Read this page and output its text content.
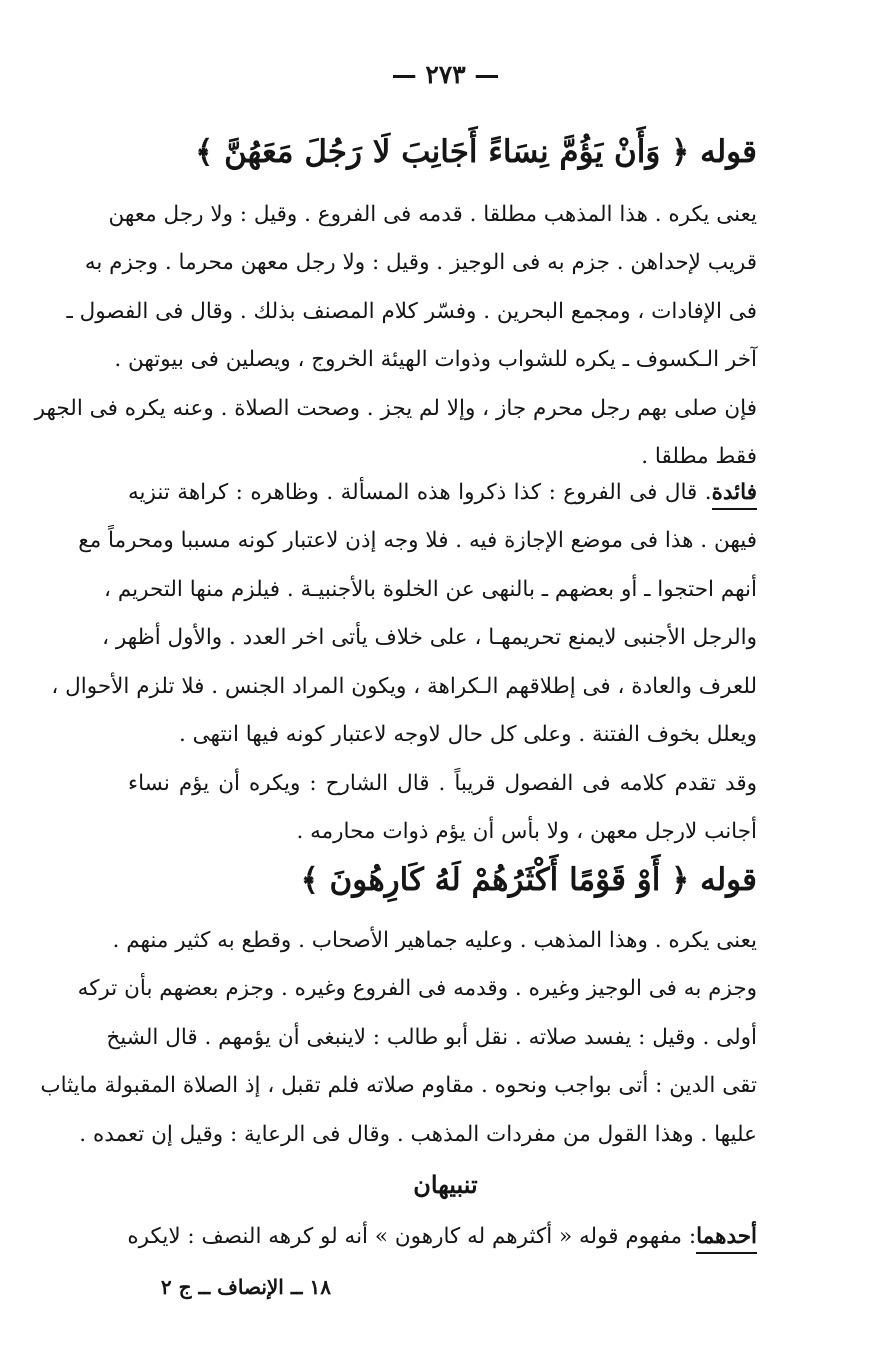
— ٢٧٣ —
قوله ﴿ وَأَنْ يَؤُمَّ نِسَاءً أَجَانِبَ لَا رَجُلَ مَعَهُنَّ ﴾
يعنى يكره . هذا المذهب مطلقا . قدمه فى الفروع . وقيل : ولا رجل معهن
قريب لإحداهن . جزم به فى الوجيز . وقيل : ولا رجل معهن محرما . وجزم به
فى الإفادات ، ومجمع البحرين . وفسّر كلام المصنف بذلك . وقال فى الفصول ـ
آخر الـكسوف ـ يكره للشواب وذوات الهيئة الخروج ، ويصلين فى بيوتهن .
فإن صلى بهم رجل محرم جاز ، وإلا لم يجز . وصحت الصلاة . وعنه يكره فى الجهر
فقط مطلقا .
فائدة. قال فى الفروع : كذا ذكروا هذه المسألة . وظاهره : كراهة تنزيه
فيهن . هذا فى موضع الإجازة فيه . فلا وجه إذن لاعتبار كونه مسببا ومحرماً مع
أنهم احتجوا ـ أو بعضهم ـ بالنهى عن الخلوة بالأجنبيـة . فيلزم منها التحريم ،
والرجل الأجنبى لايمنع تحريمهـا ، على خلاف يأتى اخر العدد . والأول أظهر ،
للعرف والعادة ، فى إطلاقهم الـكراهة ، ويكون المراد الجنس . فلا تلزم الأحوال ،
ويعلل بخوف الفتنة . وعلى كل حال لاوجه لاعتبار كونه فيها انتهى .
وقد تقدم كلامه فى الفصول قريباً . قال الشارح : ويكره أن يؤم نساء
أجانب لارجل معهن ، ولا بأس أن يؤم ذوات محارمه .
قوله ﴿ أَوْ قَوْمًا أَكْثَرُهُمْ لَهُ كَارِهُونَ ﴾
يعنى يكره . وهذا المذهب . وعليه جماهير الأصحاب . وقطع به كثير منهم .
وجزم به فى الوجيز وغيره . وقدمه فى الفروع وغيره . وجزم بعضهم بأن تركه
أولى . وقيل : يفسد صلاته . نقل أبو طالب : لاينبغى أن يؤمهم . قال الشيخ
تقى الدين : أتى بواجب ونحوه . مقاوم صلاته فلم تقبل ، إذ الصلاة المقبولة مايثاب
عليها . وهذا القول من مفردات المذهب . وقال فى الرعاية : وقيل إن تعمده .
تنبيهان
أحدهما: مفهوم قوله « أكثرهم له كارهون » أنه لو كرهه النصف : لايكره
١٨ ــ الإنصاف ــ ج ٢
